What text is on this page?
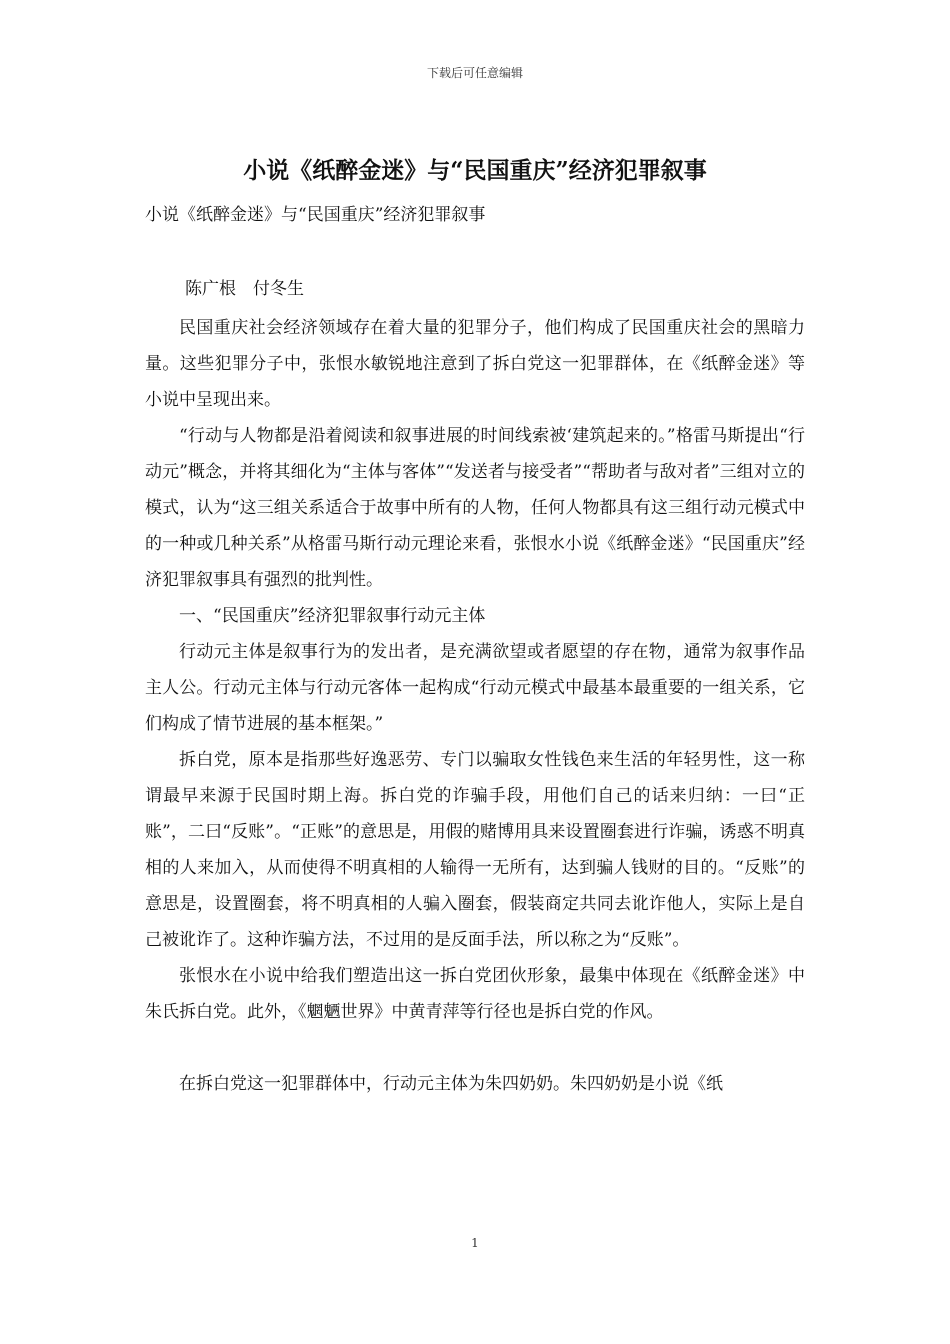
下载后可任意编辑
小说《纸醉金迷》与“民国重庆”经济犯罪叙事
小说《纸醉金迷》与“民国重庆”经济犯罪叙事
陈广根　付冬生

民国重庆社会经济领域存在着大量的犯罪分子，他们构成了民国重庆社会的黑暗力量。这些犯罪分子中，张恨水敏锐地注意到了拆白党这一犯罪群体，在《纸醉金迷》等小说中呈现出来。

“行动与人物都是沿着阅读和叙事进展的时间线索被‘建筑起来的。”格雷马斯提出“行动元”概念，并将其细化为“主体与客体”“发送者与接受者”“帮助者与敌对者”三组对立的模式，认为“这三组关系适合于故事中所有的人物，任何人物都具有这三组行动元模式中的一种或几种关系”从格雷马斯行动元理论来看，张恨水小说《纸醉金迷》“民国重庆”经济犯罪叙事具有强烈的批判性。

一、“民国重庆”经济犯罪叙事行动元主体

行动元主体是叙事行为的发出者，是充满欲望或者愿望的存在物，通常为叙事作品主人公。行动元主体与行动元客体一起构成“行动元模式中最基本最重要的一组关系，它们构成了情节进展的基本框架。”

拆白党，原本是指那些好逸恶劳、专门以骗取女性钱色来生活的年轻男性，这一称谓最早来源于民国时期上海。拆白党的诈骗手段，用他们自己的话来归纳：一曰“正账”，二曰“反账”。“正账”的意思是，用假的赌博用具来设置圈套进行诈骗，诱惑不明真相的人来加入，从而使得不明真相的人输得一无所有，达到骗人钱财的目的。“反账”的意思是，设置圈套，将不明真相的人骗入圈套，假装商定共同去讹诈他人，实际上是自己被讹诈了。这种诈骗方法，不过用的是反面手法，所以称之为“反账”。

张恨水在小说中给我们塑造出这一拆白党团伙形象，最集中体现在《纸醉金迷》中朱氏拆白党。此外，《魍魉世界》中黄青萍等行径也是拆白党的作风。

在拆白党这一犯罪群体中，行动元主体为朱四奶奶。朱四奶奶是小说《纸

1
